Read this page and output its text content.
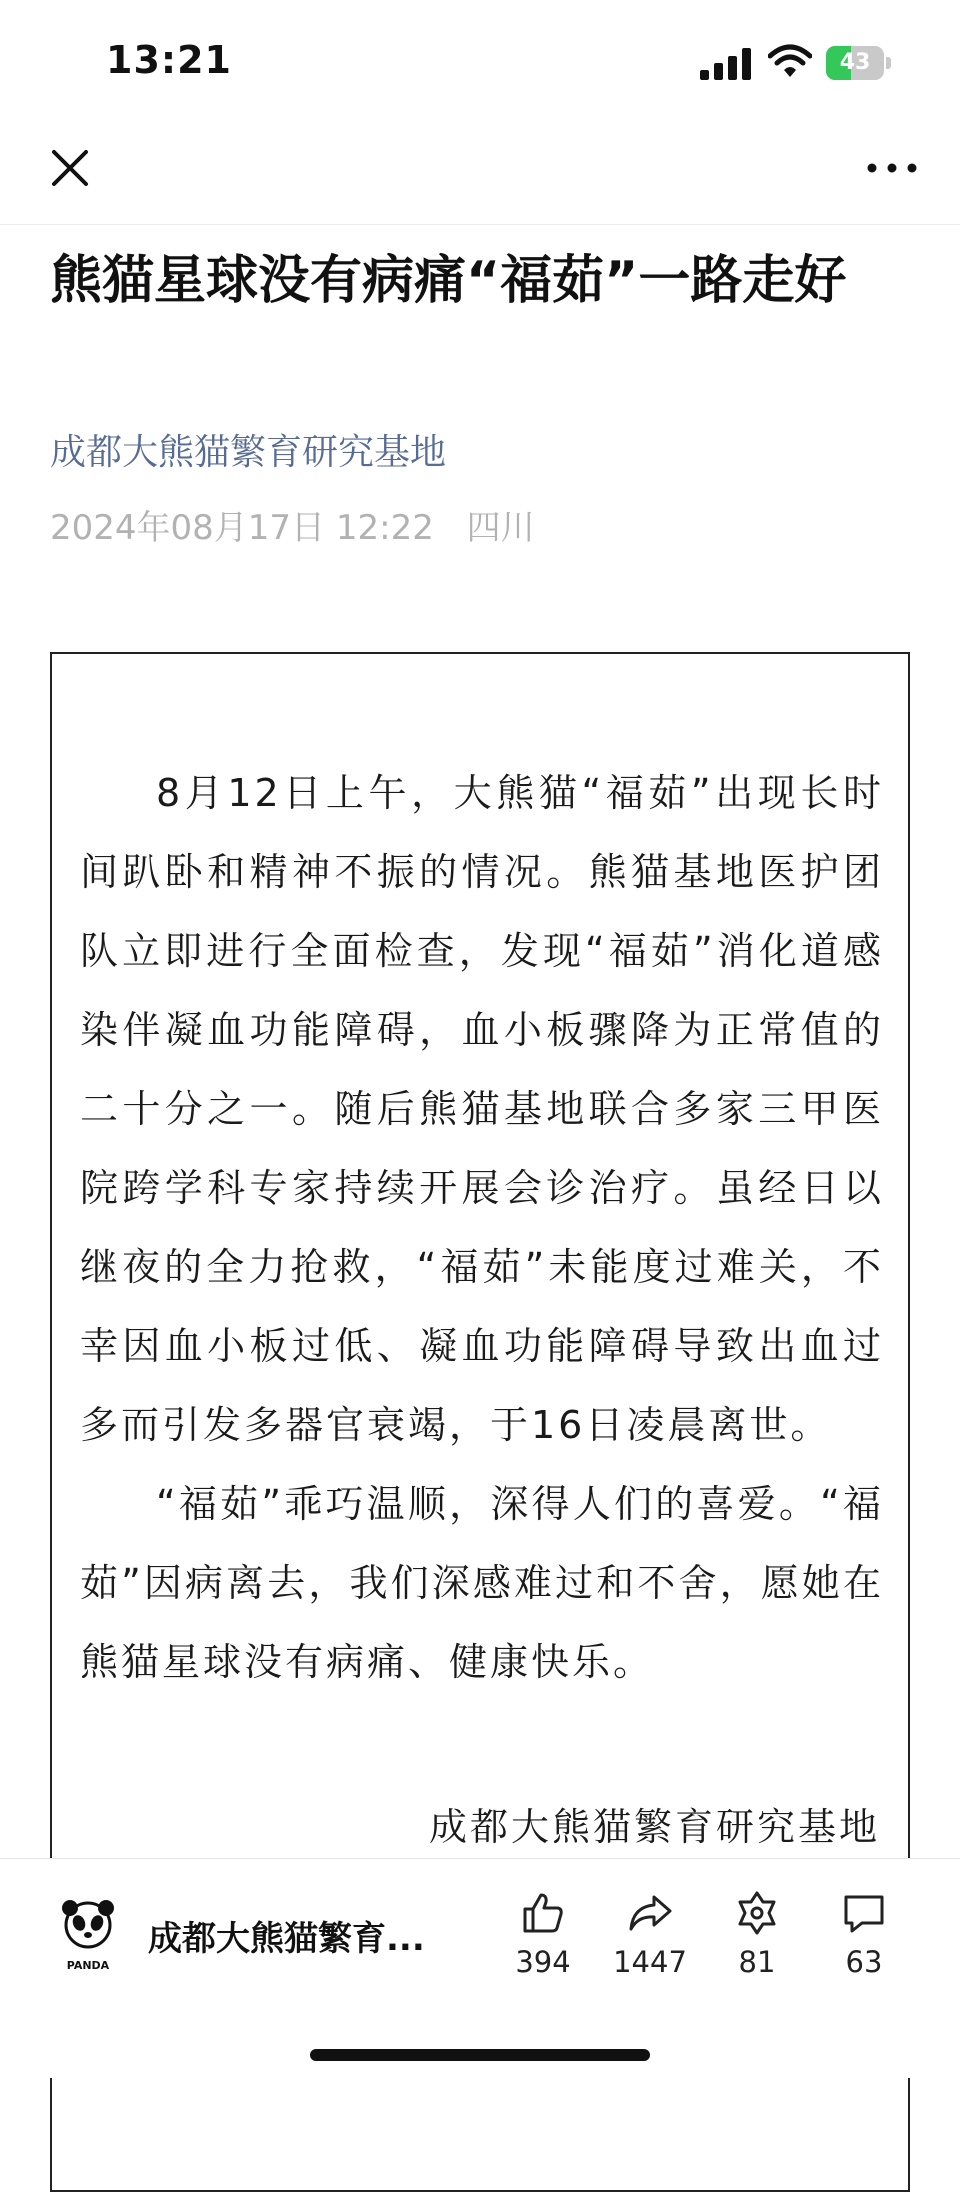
13:21	43
熊猫星球没有病痛“福茹”一路走好
成都大熊猫繁育研究基地
2024年08月17日 12:22 四川

8月12日上午，大熊猫“福茹”出现长时间趴卧和精神不振的情况。熊猫基地医护团队立即进行全面检查，发现“福茹”消化道感染伴凝血功能障碍，血小板骤降为正常值的二十分之一。随后熊猫基地联合多家三甲医院跨学科专家持续开展会诊治疗。虽经日以继夜的全力抢救，“福茹”未能度过难关，不幸因血小板过低、凝血功能障碍导致出血过多而引发多器官衰竭，于16日凌晨离世。

“福茹”乖巧温顺，深得人们的喜爱。“福茹”因病离去，我们深感难过和不舍，愿她在熊猫星球没有病痛、健康快乐。

成都大熊猫繁育研究基地
PANDA
成都大熊猫繁育...
394	1447	81	63
